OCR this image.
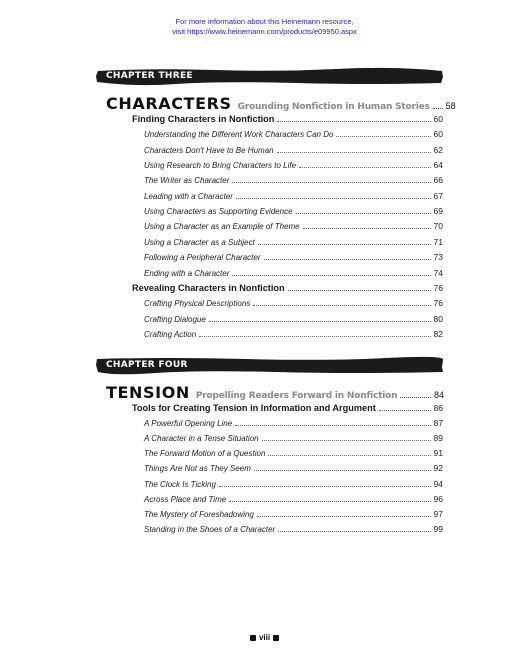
For more information about this Heinemann resource,
visit https://www.heinemann.com/products/e09950.aspx
CHAPTER THREE
CHARACTERS Grounding Nonfiction in Human Stories 58
Finding Characters in Nonfiction	60
Understanding the Different Work Characters Can Do	60
Characters Don't Have to Be Human	62
Using Research to Bring Characters to Life	64
The Writer as Character	66
Leading with a Character	67
Using Characters as Supporting Evidence	69
Using a Character as an Example of Theme	70
Using a Character as a Subject	71
Following a Peripheral Character	73
Ending with a Character	74
Revealing Characters in Nonfiction	76
Crafting Physical Descriptions	76
Crafting Dialogue	80
Crafting Action	82
CHAPTER FOUR
TENSION Propelling Readers Forward in Nonfiction	84
Tools for Creating Tension in Information and Argument	86
A Powerful Opening Line	87
A Character in a Tense Situation	89
The Forward Motion of a Question	91
Things Are Not as They Seem	92
The Clock Is Ticking	94
Across Place and Time	96
The Mystery of Foreshadowing	97
Standing in the Shoes of a Character	99
viii
